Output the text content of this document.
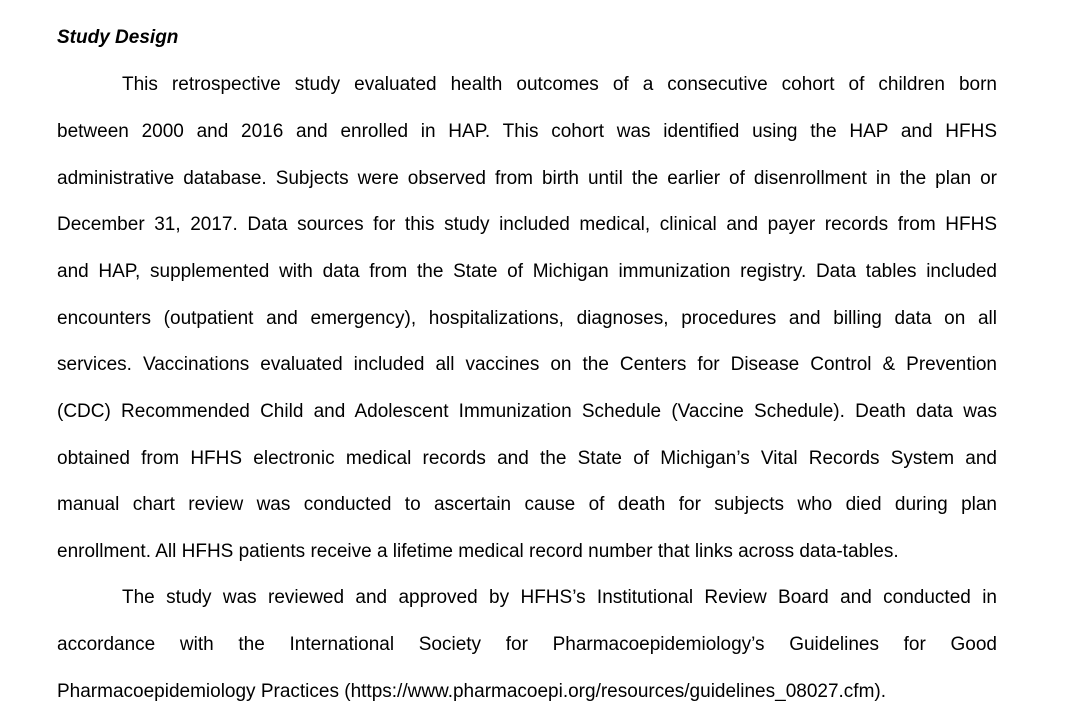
Study Design
This retrospective study evaluated health outcomes of a consecutive cohort of children born
between 2000 and 2016 and enrolled in HAP. This cohort was identified using the HAP and HFHS
administrative database. Subjects were observed from birth until the earlier of disenrollment in the plan or
December 31, 2017. Data sources for this study included medical, clinical and payer records from HFHS
and HAP, supplemented with data from the State of Michigan immunization registry. Data tables included
encounters (outpatient and emergency), hospitalizations, diagnoses, procedures and billing data on all
services. Vaccinations evaluated included all vaccines on the Centers for Disease Control & Prevention
(CDC) Recommended Child and Adolescent Immunization Schedule (Vaccine Schedule). Death data was
obtained from HFHS electronic medical records and the State of Michigan’s Vital Records System and
manual chart review was conducted to ascertain cause of death for subjects who died during plan
enrollment. All HFHS patients receive a lifetime medical record number that links across data-tables.
The study was reviewed and approved by HFHS’s Institutional Review Board and conducted in
accordance with the International Society for Pharmacoepidemiology’s Guidelines for Good
Pharmacoepidemiology Practices (https://www.pharmacoepi.org/resources/guidelines_08027.cfm).
